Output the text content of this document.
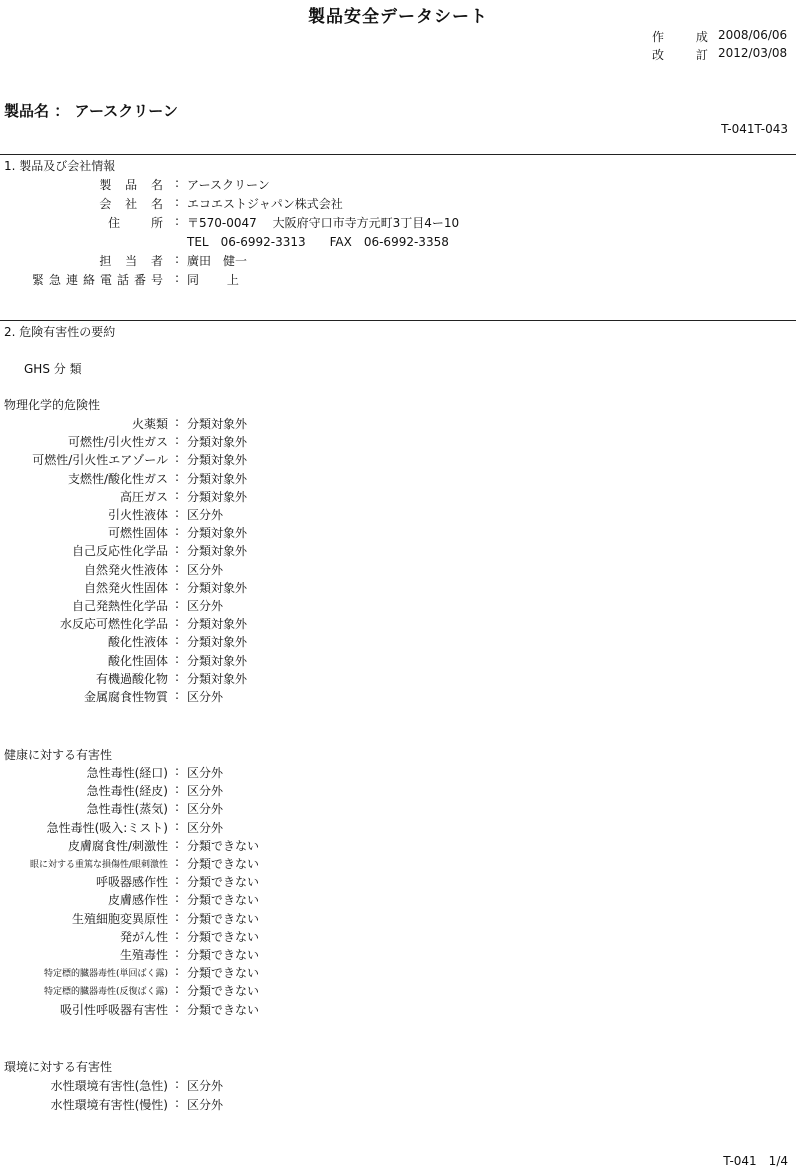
製品安全データシート
作 成
2008/06/06
改 訂
2012/03/08
製品名 ： アースクリーン
T-041T-043
1. 製品及び会社情報
製 品 名 : アースクリーン
会 社 名 : エコエストジャパン株式会社
住　 所 : 〒570-0047　 大阪府守口市寺方元町3丁目4ー10
TEL　06-6992-3313　　FAX　06-6992-3358
担 当 者 : 廣田　健一
緊急連絡電話番号 : 同　　 上
2. 危険有害性の要約
GHS 分 類
物理化学的危険性
火薬類 : 分類対象外
可燃性/引火性ガス : 分類対象外
可燃性/引火性エアゾール : 分類対象外
支燃性/酸化性ガス : 分類対象外
高圧ガス : 分類対象外
引火性液体 : 区分外
可燃性固体 : 分類対象外
自己反応性化学品 : 分類対象外
自然発火性液体 : 区分外
自然発火性固体 : 分類対象外
自己発熱性化学品 : 区分外
水反応可燃性化学品 : 分類対象外
酸化性液体 : 分類対象外
酸化性固体 : 分類対象外
有機過酸化物 : 分類対象外
金属腐食性物質 : 区分外
健康に対する有害性
急性毒性(経口) : 区分外
急性毒性(経皮) : 区分外
急性毒性(蒸気) : 区分外
急性毒性(吸入:ミスト) : 区分外
皮膚腐食性/刺激性 : 分類できない
眼に対する重篤な損傷性/眼刺激性 : 分類できない
呼吸器感作性 : 分類できない
皮膚感作性 : 分類できない
生殖細胞変異原性 : 分類できない
発がん性 : 分類できない
生殖毒性 : 分類できない
特定標的臓器毒性(単回ばく露) : 分類できない
特定標的臓器毒性(反復ばく露) : 分類できない
吸引性呼吸器有害性 : 分類できない
環境に対する有害性
水性環境有害性(急性) : 区分外
水性環境有害性(慢性) : 区分外
T-041　1/4
